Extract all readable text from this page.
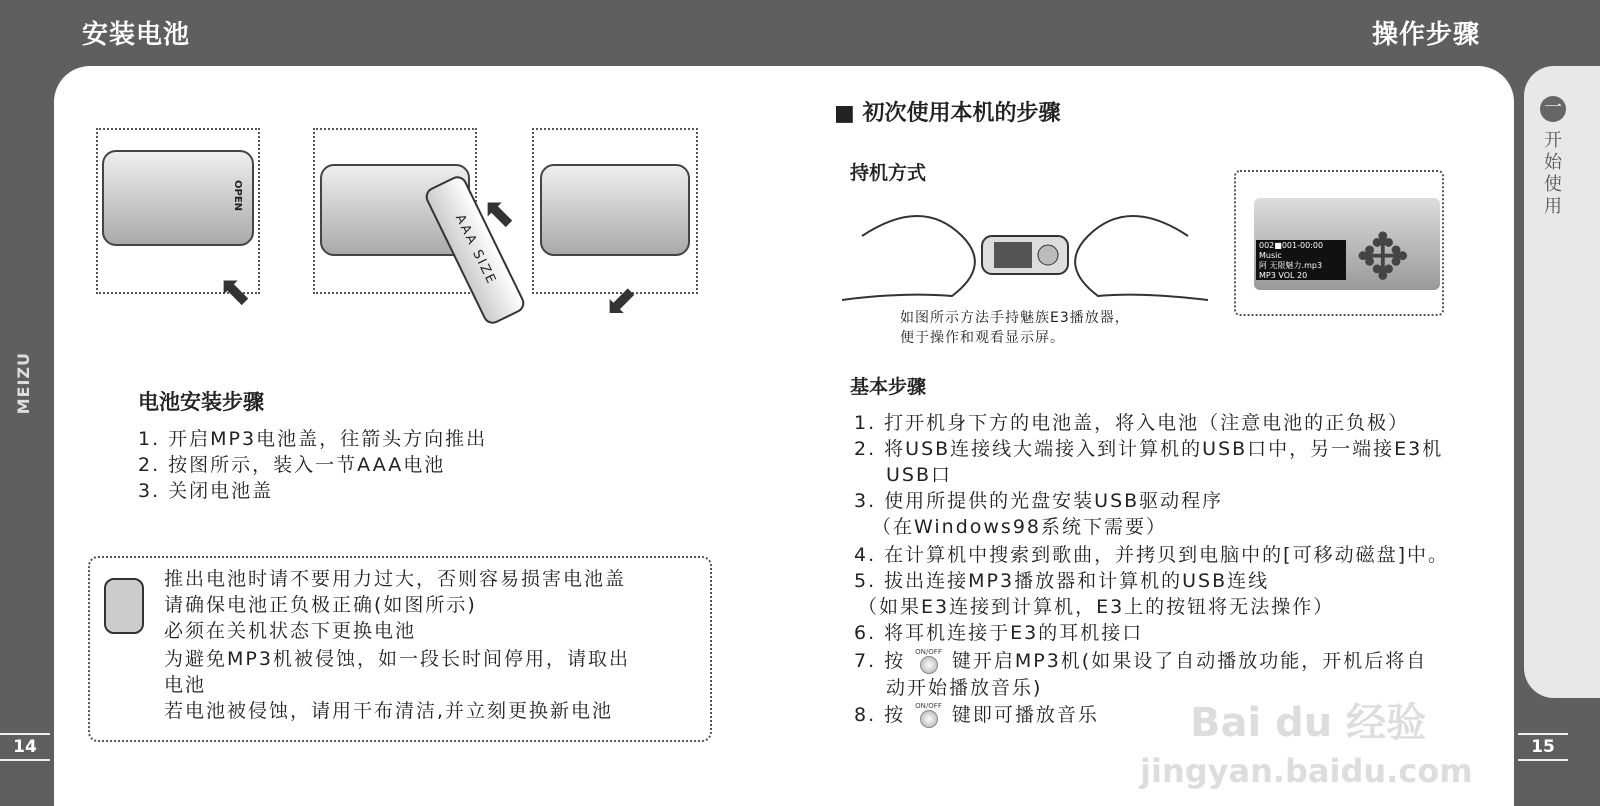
安装电池	操作步骤
MEIZU
14	15
一
开始使用
OPEN
⬉
AAA SIZE
⬉
⬋
电池安装步骤
1. 开启MP3电池盖，往箭头方向推出
2. 按图所示，装入一节AAA电池
3. 关闭电池盖
推出电池时请不要用力过大，否则容易损害电池盖
请确保电池正负极正确(如图所示)
必须在关机状态下更换电池
为避免MP3机被侵蚀，如一段长时间停用，请取出
电池
若电池被侵蚀，请用干布清洁,并立刻更换新电池
■ 初次使用本机的步骤
持机方式
如图所示方法手持魅族E3播放器，
便于操作和观看显示屏。
002■001-00:00
Music
阿 无限魅力.mp3
MP3 VOL 20 ✥
基本步骤
1. 打开机身下方的电池盖，将入电池（注意电池的正负极）
2. 将USB连接线大端接入到计算机的USB口中，另一端接E3机
USB口
3. 使用所提供的光盘安装USB驱动程序
（在Windows98系统下需要）
4. 在计算机中搜索到歌曲，并拷贝到电脑中的[可移动磁盘]中。
5. 拔出连接MP3播放器和计算机的USB连线
（如果E3连接到计算机，E3上的按钮将无法操作）
6. 将耳机连接于E3的耳机接口
7. 按 ON/OFF 键开启MP3机(如果设了自动播放功能，开机后将自
动开始播放音乐)
8. 按 ON/OFF 键即可播放音乐 Bai du 经验
jingyan.baidu.com
